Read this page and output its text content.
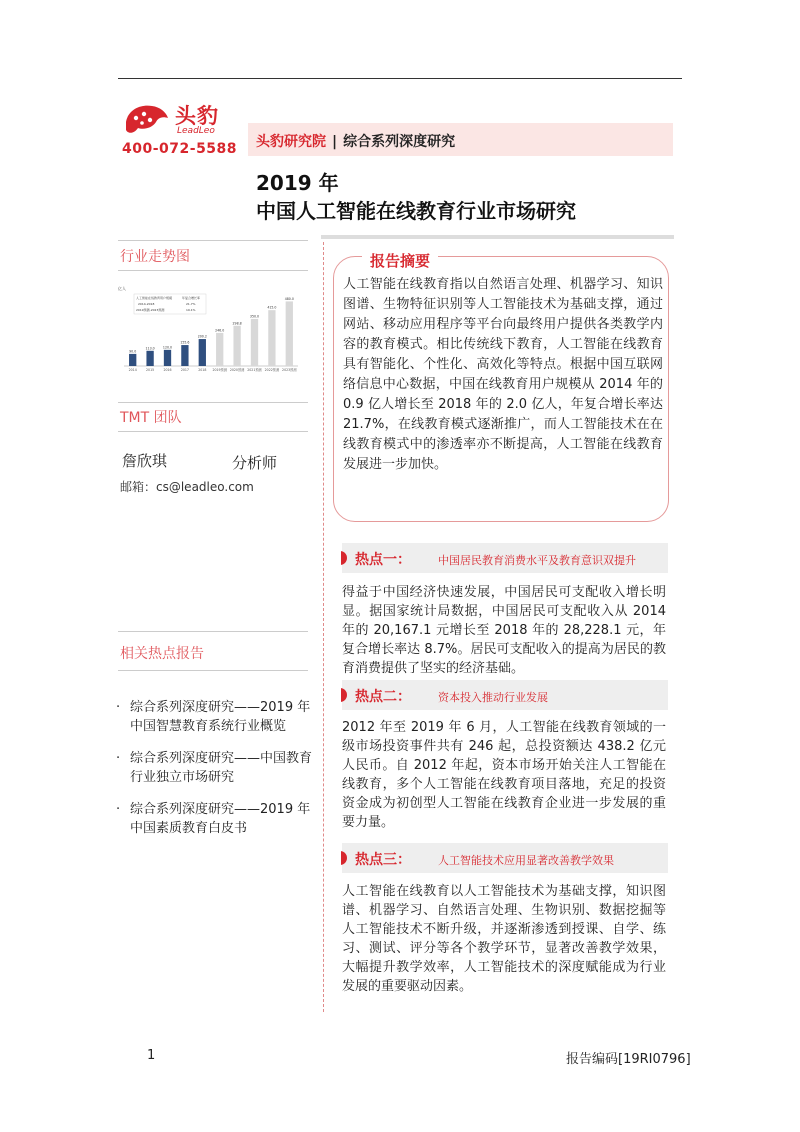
头豹
LeadLeo
400-072-5588 头豹研究院 | 综合系列深度研究
2019 年
中国人工智能在线教育行业市场研究
行业走势图
亿人
人工智能在线教育用户规模	年复合增长率
2014-2018	21.7%
2019预测-2023预测	19.1%
90.0
2014
113.0
2015
120.0
2016
155.6
2017
200.2
2018
246.0
2019预测
298.8
2020预测
350.0
2021预测
415.0
2022预测
480.0
2023预测
TMT 团队
詹欣琪	分析师
邮箱：cs@leadleo.com
相关热点报告
· 综合系列深度研究——2019 年中国智慧教育系统行业概览
· 综合系列深度研究——中国教育行业独立市场研究
· 综合系列深度研究——2019 年中国素质教育白皮书
报告摘要
人工智能在线教育指以自然语言处理、机器学习、知识图谱、生物特征识别等人工智能技术为基础支撑，通过网站、移动应用程序等平台向最终用户提供各类教学内容的教育模式。相比传统线下教育，人工智能在线教育具有智能化、个性化、高效化等特点。根据中国互联网络信息中心数据，中国在线教育用户规模从 2014 年的 0.9 亿人增长至 2018 年的 2.0 亿人，年复合增长率达 21.7%，在线教育模式逐渐推广，而人工智能技术在在线教育模式中的渗透率亦不断提高，人工智能在线教育发展进一步加快。
热点一： 中国居民教育消费水平及教育意识双提升
得益于中国经济快速发展，中国居民可支配收入增长明显。据国家统计局数据，中国居民可支配收入从 2014 年的 20,167.1 元增长至 2018 年的 28,228.1 元，年复合增长率达 8.7%。居民可支配收入的提高为居民的教育消费提供了坚实的经济基础。
热点二： 资本投入推动行业发展
2012 年至 2019 年 6 月，人工智能在线教育领域的一级市场投资事件共有 246 起，总投资额达 438.2 亿元人民币。自 2012 年起，资本市场开始关注人工智能在线教育，多个人工智能在线教育项目落地，充足的投资资金成为初创型人工智能在线教育企业进一步发展的重要力量。
热点三： 人工智能技术应用显著改善教学效果
人工智能在线教育以人工智能技术为基础支撑，知识图谱、机器学习、自然语言处理、生物识别、数据挖掘等人工智能技术不断升级，并逐渐渗透到授课、自学、练习、测试、评分等各个教学环节，显著改善教学效果，大幅提升教学效率，人工智能技术的深度赋能成为行业发展的重要驱动因素。
1	报告编码[19RI0796]
